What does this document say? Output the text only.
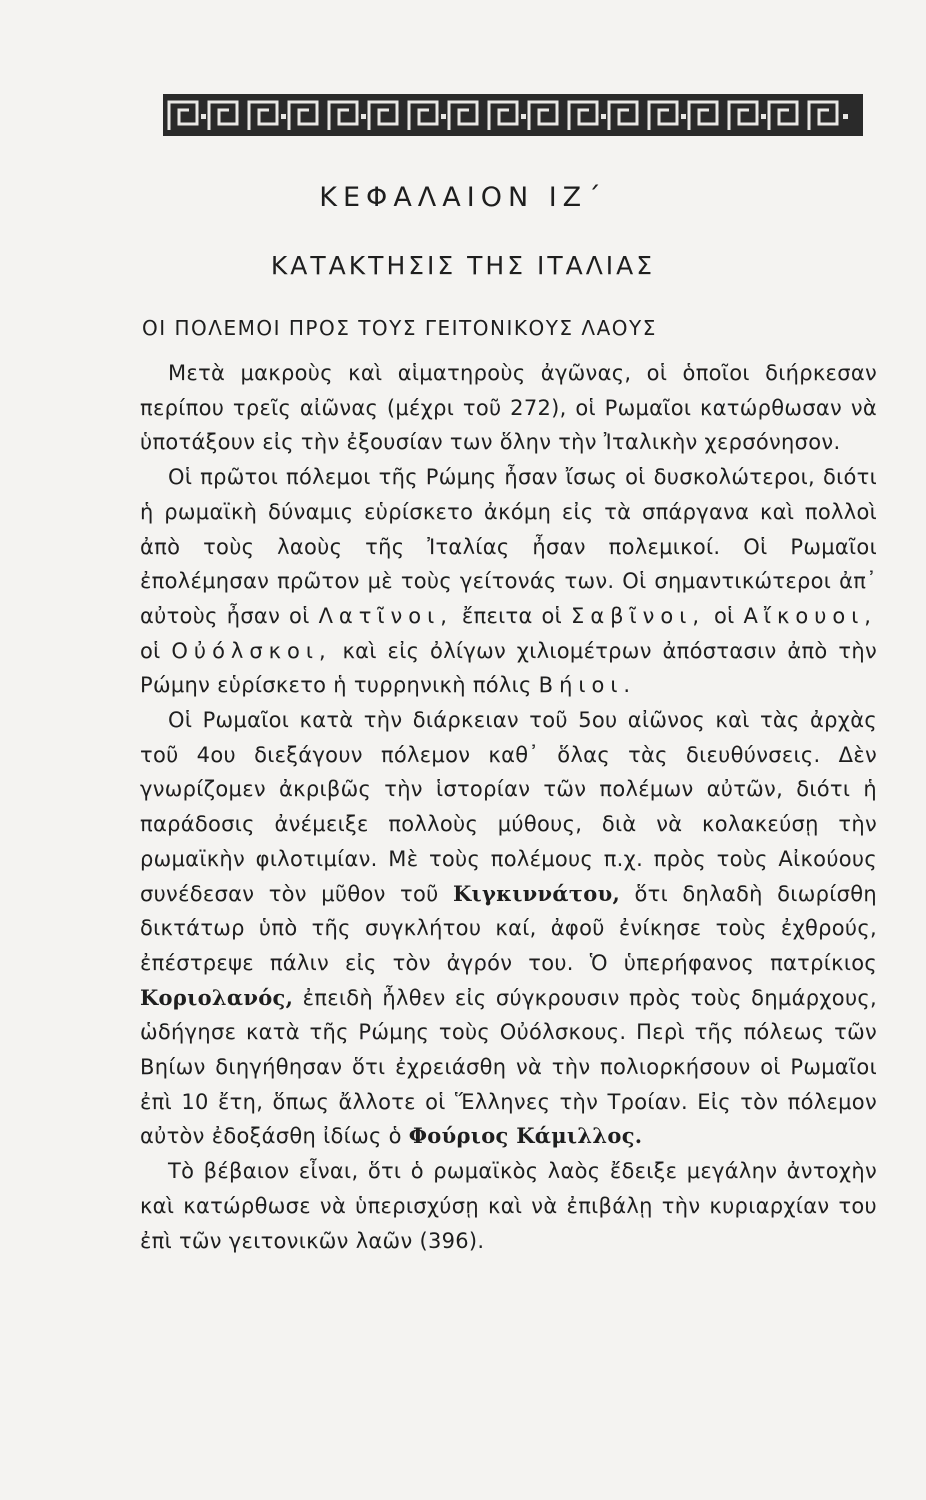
ΚΕΦΑΛΑΙΟΝ ΙΖ΄
ΚΑΤΑΚΤΗΣΙΣ ΤΗΣ ΙΤΑΛΙΑΣ
ΟΙ ΠΟΛΕΜΟΙ ΠΡΟΣ ΤΟΥΣ ΓΕΙΤΟΝΙΚΟΥΣ ΛΑΟΥΣ

Μετὰ μακροὺς καὶ αἱματηροὺς ἀγῶνας, οἱ ὁποῖοι διήρκεσαν περίπου τρεῖς αἰῶνας (μέχρι τοῦ 272), οἱ Ρωμαῖοι κατώρθωσαν νὰ ὑποτάξουν εἰς τὴν ἐξουσίαν των ὅλην τὴν Ἰταλικὴν χερσόνησον.

Οἱ πρῶτοι πόλεμοι τῆς Ρώμης ἦσαν ἴσως οἱ δυσκολώτεροι, διότι ἡ ρωμαϊκὴ δύναμις εὑρίσκετο ἀκόμη εἰς τὰ σπάργανα καὶ πολλοὶ ἀπὸ τοὺς λαοὺς τῆς Ἰταλίας ἦσαν πολεμικοί. Οἱ Ρωμαῖοι ἐπολέμησαν πρῶτον μὲ τοὺς γείτονάς των. Οἱ σημαντικώτεροι ἀπ᾽ αὐτοὺς ἦσαν οἱ Λατῖνοι, ἔπειτα οἱ Σαβῖνοι, οἱ Αἴκουοι, οἱ Οὐόλσκοι, καὶ εἰς ὀλίγων χιλιομέτρων ἀπόστασιν ἀπὸ τὴν Ρώμην εὑρίσκετο ἡ τυρρηνικὴ πόλις Βήιοι.

Οἱ Ρωμαῖοι κατὰ τὴν διάρκειαν τοῦ 5ου αἰῶνος καὶ τὰς ἀρχὰς τοῦ 4ου διεξάγουν πόλεμον καθ᾽ ὅλας τὰς διευθύνσεις. Δὲν γνωρίζομεν ἀκριβῶς τὴν ἱστορίαν τῶν πολέμων αὐτῶν, διότι ἡ παράδοσις ἀνέμειξε πολλοὺς μύθους, διὰ νὰ κολακεύσῃ τὴν ρωμαϊκὴν φιλοτιμίαν. Μὲ τοὺς πολέμους π.χ. πρὸς τοὺς Αἰκούους συνέδεσαν τὸν μῦθον τοῦ Κιγκιννάτου, ὅτι δηλαδὴ διωρίσθη δικτάτωρ ὑπὸ τῆς συγκλήτου καί, ἀφοῦ ἐνίκησε τοὺς ἐχθρούς, ἐπέστρεψε πάλιν εἰς τὸν ἀγρόν του. Ὁ ὑπερήφανος πατρίκιος Κοριολανός, ἐπειδὴ ἦλθεν εἰς σύγκρουσιν πρὸς τοὺς δημάρχους, ὡδήγησε κατὰ τῆς Ρώμης τοὺς Οὐόλσκους. Περὶ τῆς πόλεως τῶν Βηίων διηγήθησαν ὅτι ἐχρειάσθη νὰ τὴν πολιορκήσουν οἱ Ρωμαῖοι ἐπὶ 10 ἔτη, ὅπως ἄλλοτε οἱ Ἕλληνες τὴν Τροίαν. Εἰς τὸν πόλεμον αὐτὸν ἐδοξάσθη ἰδίως ὁ Φούριος Κάμιλλος.

Τὸ βέβαιον εἶναι, ὅτι ὁ ρωμαϊκὸς λαὸς ἔδειξε μεγάλην ἀντοχὴν καὶ κατώρθωσε νὰ ὑπερισχύσῃ καὶ νὰ ἐπιβάλῃ τὴν κυριαρχίαν του ἐπὶ τῶν γειτονικῶν λαῶν (396).
